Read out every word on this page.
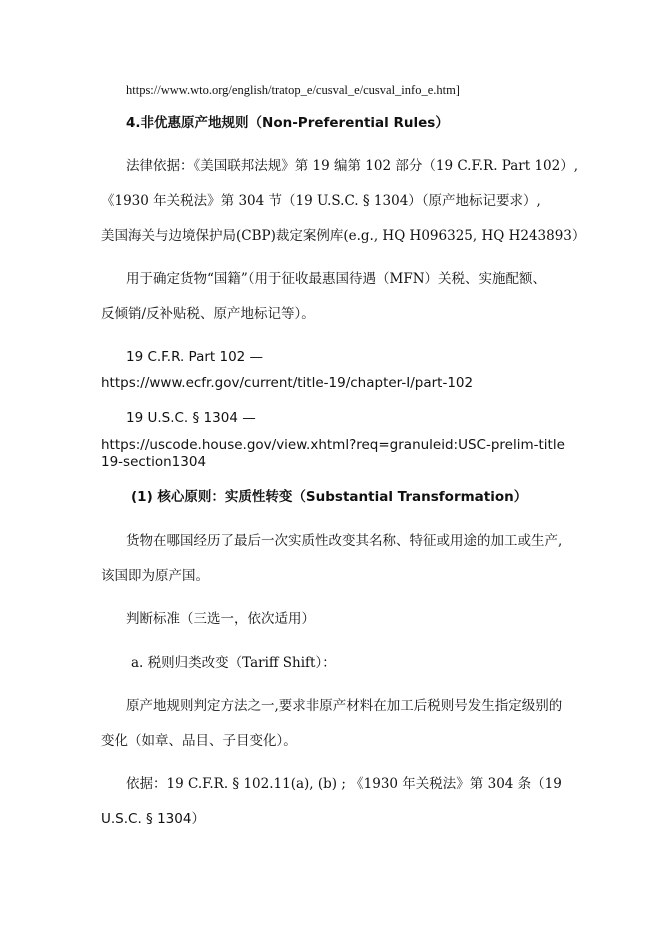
https://www.wto.org/english/tratop_e/cusval_e/cusval_info_e.htm]
4.非优惠原产地规则（Non-Preferential Rules）
法律依据：《美国联邦法规》第 19 编第 102 部分（19 C.F.R. Part 102）,
《1930 年关税法》第 304 节（19 U.S.C. § 1304）（原产地标记要求）,
美国海关与边境保护局(CBP)裁定案例库(e.g., HQ H096325, HQ H243893）
用于确定货物“国籍”（用于征收最惠国待遇（MFN）关税、实施配额、
反倾销/反补贴税、原产地标记等）。
19 C.F.R. Part 102 —
https://www.ecfr.gov/current/title-19/chapter-I/part-102
19 U.S.C. § 1304 —
https://uscode.house.gov/view.xhtml?req=granuleid:USC-prelim-title
19-section1304
(1) 核心原则：实质性转变（Substantial Transformation）
货物在哪国经历了最后一次实质性改变其名称、特征或用途的加工或生产,
该国即为原产国。
判断标准（三选一，依次适用）
a. 税则归类改变（Tariff Shift）：
原产地规则判定方法之一,要求非原产材料在加工后税则号发生指定级别的
变化（如章、品目、子目变化）。
依据：19 C.F.R. § 102.11(a), (b) ; 《1930 年关税法》第 304 条（19
U.S.C. § 1304）
